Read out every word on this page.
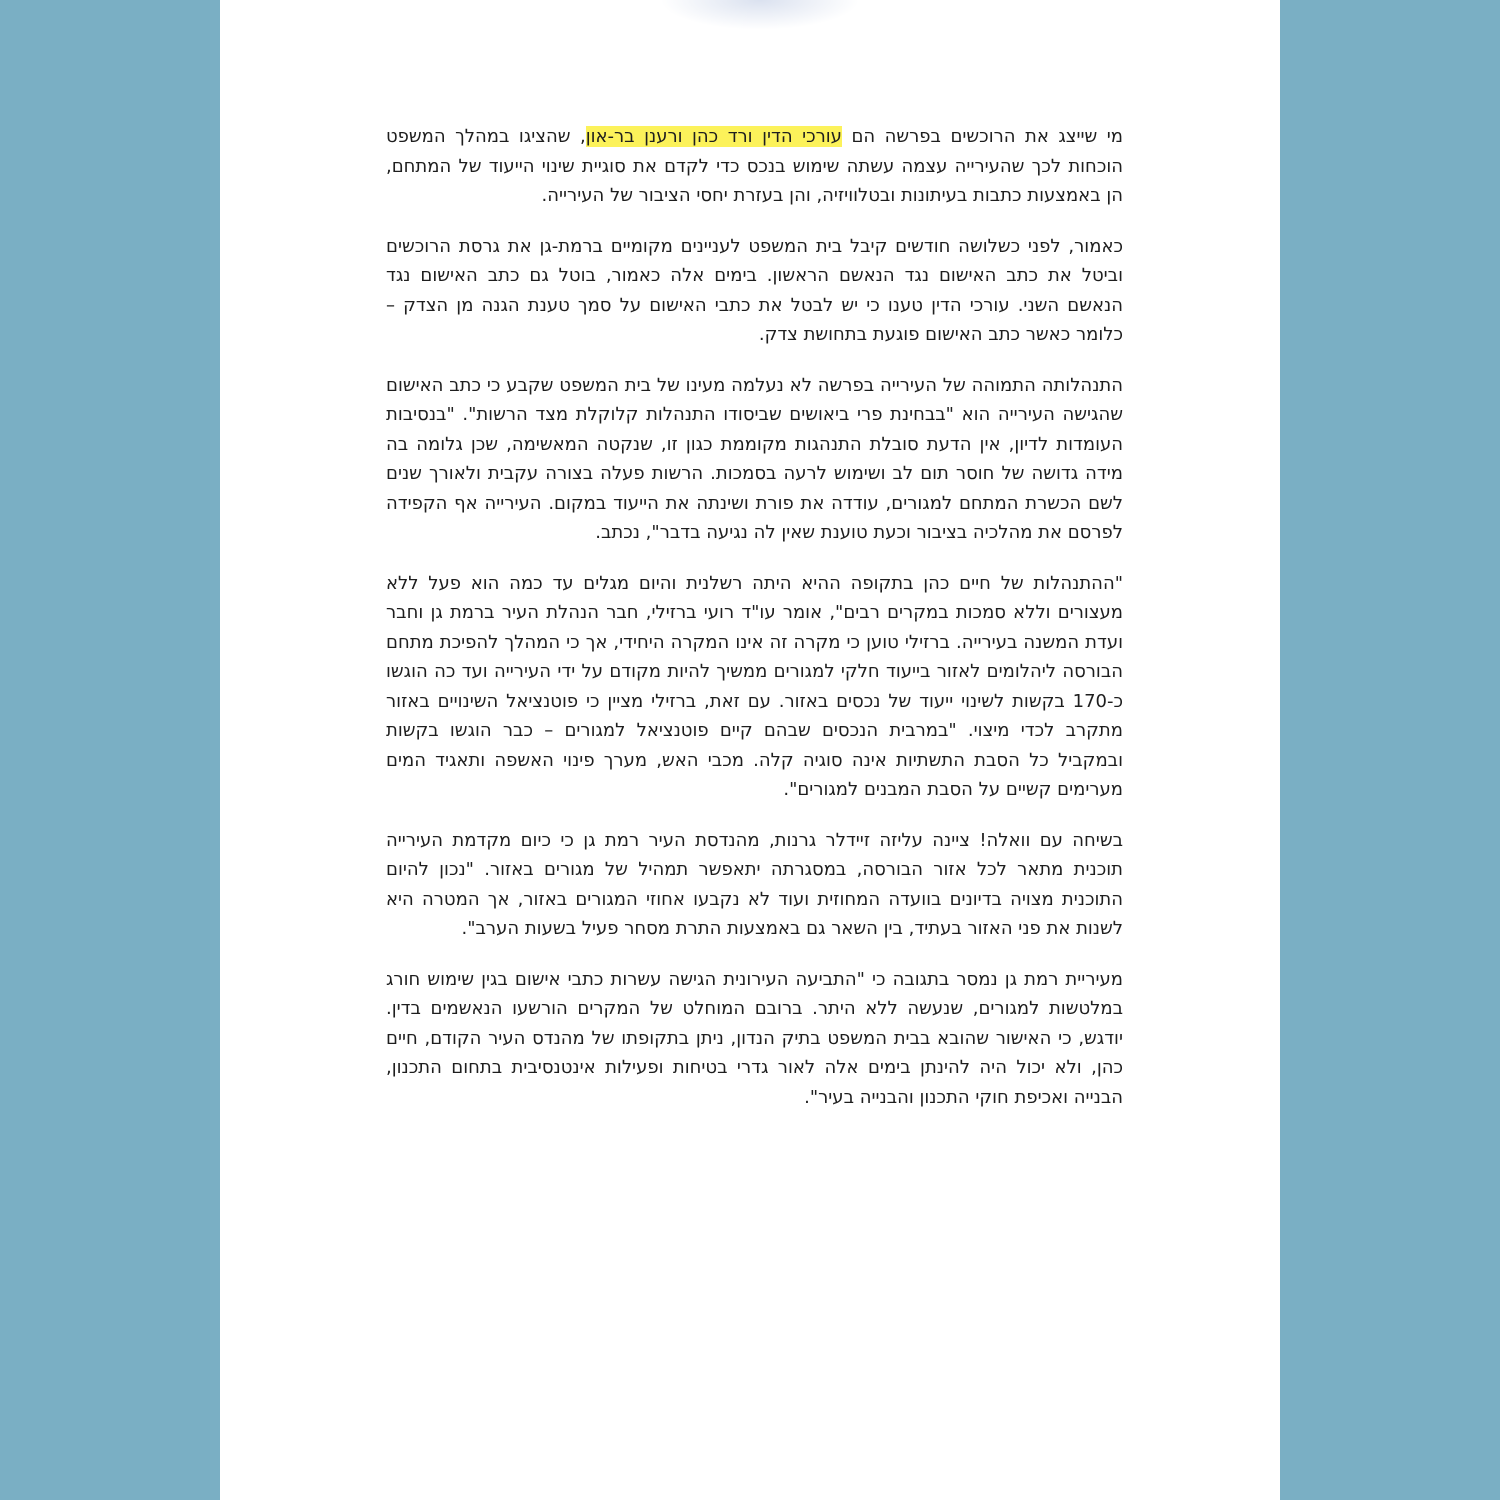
מי שייצג את הרוכשים בפרשה הם עורכי הדין ורד כהן ורענן בר-און, שהציגו במהלך המשפט הוכחות לכך שהעירייה עצמה עשתה שימוש בנכס כדי לקדם את סוגיית שינוי הייעוד של המתחם, הן באמצעות כתבות בעיתונות ובטלוויזיה, והן בעזרת יחסי הציבור של העירייה.

כאמור, לפני כשלושה חודשים קיבל בית המשפט לעניינים מקומיים ברמת-גן את גרסת הרוכשים וביטל את כתב האישום נגד הנאשם הראשון. בימים אלה כאמור, בוטל גם כתב האישום נגד הנאשם השני. עורכי הדין טענו כי יש לבטל את כתבי האישום על סמך טענת הגנה מן הצדק – כלומר כאשר כתב האישום פוגעת בתחושת צדק.

התנהלותה התמוהה של העירייה בפרשה לא נעלמה מעינו של בית המשפט שקבע כי כתב האישום שהגישה העירייה הוא "בבחינת פרי ביאושים שביסודו התנהלות קלוקלת מצד הרשות". "בנסיבות העומדות לדיון, אין הדעת סובלת התנהגות מקוממת כגון זו, שנקטה המאשימה, שכן גלומה בה מידה גדושה של חוסר תום לב ושימוש לרעה בסמכות. הרשות פעלה בצורה עקבית ולאורך שנים לשם הכשרת המתחם למגורים, עודדה את פורת ושינתה את הייעוד במקום. העירייה אף הקפידה לפרסם את מהלכיה בציבור וכעת טוענת שאין לה נגיעה בדבר", נכתב.

"ההתנהלות של חיים כהן בתקופה ההיא היתה רשלנית והיום מגלים עד כמה הוא פעל ללא מעצורים וללא סמכות במקרים רבים", אומר עו"ד רועי ברזילי, חבר הנהלת העיר ברמת גן וחבר ועדת המשנה בעירייה. ברזילי טוען כי מקרה זה אינו המקרה היחידי, אך כי המהלך להפיכת מתחם הבורסה ליהלומים לאזור בייעוד חלקי למגורים ממשיך להיות מקודם על ידי העירייה ועד כה הוגשו כ-170 בקשות לשינוי ייעוד של נכסים באזור. עם זאת, ברזילי מציין כי פוטנציאל השינויים באזור מתקרב לכדי מיצוי. "במרבית הנכסים שבהם קיים פוטנציאל למגורים – כבר הוגשו בקשות ובמקביל כל הסבת התשתיות אינה סוגיה קלה. מכבי האש, מערך פינוי האשפה ותאגיד המים מערימים קשיים על הסבת המבנים למגורים".

בשיחה עם וואלה! ציינה עליזה זיידלר גרנות, מהנדסת העיר רמת גן כי כיום מקדמת העירייה תוכנית מתאר לכל אזור הבורסה, במסגרתה יתאפשר תמהיל של מגורים באזור. "נכון להיום התוכנית מצויה בדיונים בוועדה המחוזית ועוד לא נקבעו אחוזי המגורים באזור, אך המטרה היא לשנות את פני האזור בעתיד, בין השאר גם באמצעות התרת מסחר פעיל בשעות הערב".

מעיריית רמת גן נמסר בתגובה כי "התביעה העירונית הגישה עשרות כתבי אישום בגין שימוש חורג במלטשות למגורים, שנעשה ללא היתר. ברובם המוחלט של המקרים הורשעו הנאשמים בדין. יודגש, כי האישור שהובא בבית המשפט בתיק הנדון, ניתן בתקופתו של מהנדס העיר הקודם, חיים כהן, ולא יכול היה להינתן בימים אלה לאור גדרי בטיחות ופעילות אינטנסיבית בתחום התכנון, הבנייה ואכיפת חוקי התכנון והבנייה בעיר".
